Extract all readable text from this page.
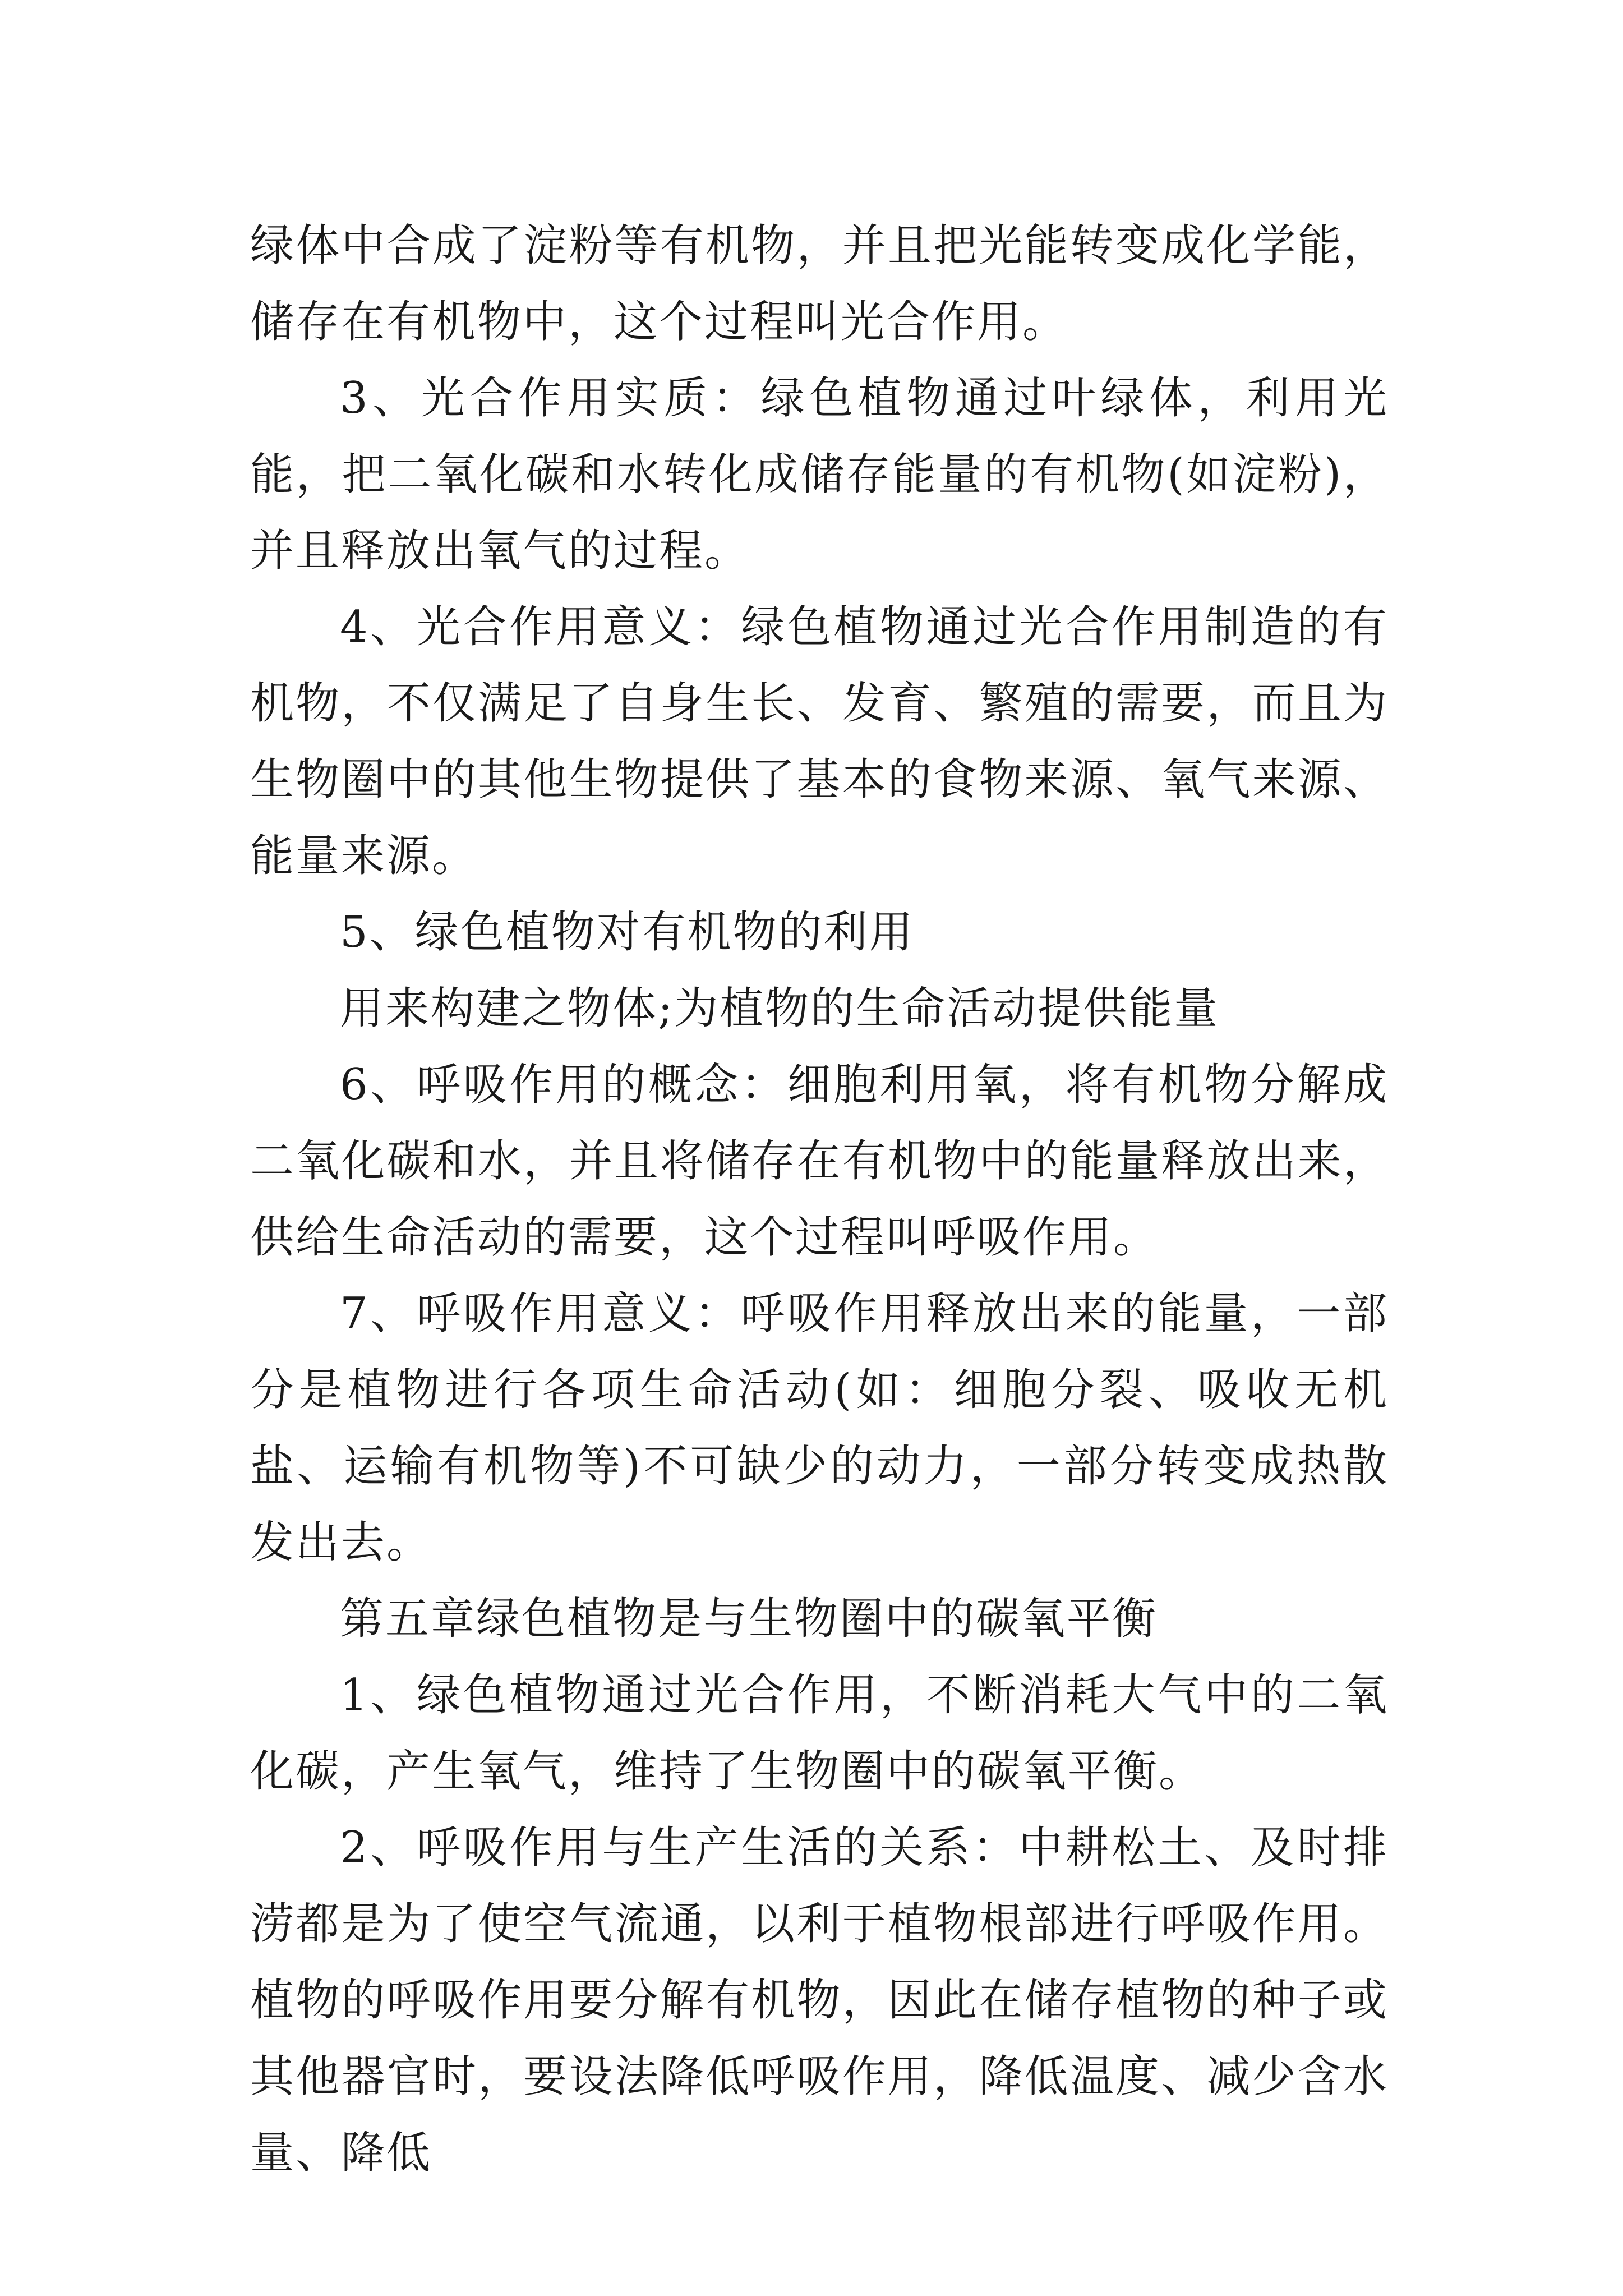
绿体中合成了淀粉等有机物，并且把光能转变成化学能，储存在有机物中，这个过程叫光合作用。

3、光合作用实质：绿色植物通过叶绿体，利用光能，把二氧化碳和水转化成储存能量的有机物(如淀粉)，并且释放出氧气的过程。

4、光合作用意义：绿色植物通过光合作用制造的有机物，不仅满足了自身生长、发育、繁殖的需要，而且为生物圈中的其他生物提供了基本的食物来源、氧气来源、能量来源。

5、绿色植物对有机物的利用

用来构建之物体;为植物的生命活动提供能量

6、呼吸作用的概念：细胞利用氧，将有机物分解成二氧化碳和水，并且将储存在有机物中的能量释放出来，供给生命活动的需要，这个过程叫呼吸作用。

7、呼吸作用意义：呼吸作用释放出来的能量，一部分是植物进行各项生命活动(如：细胞分裂、吸收无机盐、运输有机物等)不可缺少的动力，一部分转变成热散发出去。

第五章绿色植物是与生物圈中的碳氧平衡

1、绿色植物通过光合作用，不断消耗大气中的二氧化碳，产生氧气，维持了生物圈中的碳氧平衡。

2、呼吸作用与生产生活的关系：中耕松土、及时排涝都是为了使空气流通，以利于植物根部进行呼吸作用。植物的呼吸作用要分解有机物，因此在储存植物的种子或其他器官时，要设法降低呼吸作用，降低温度、减少含水量、降低
